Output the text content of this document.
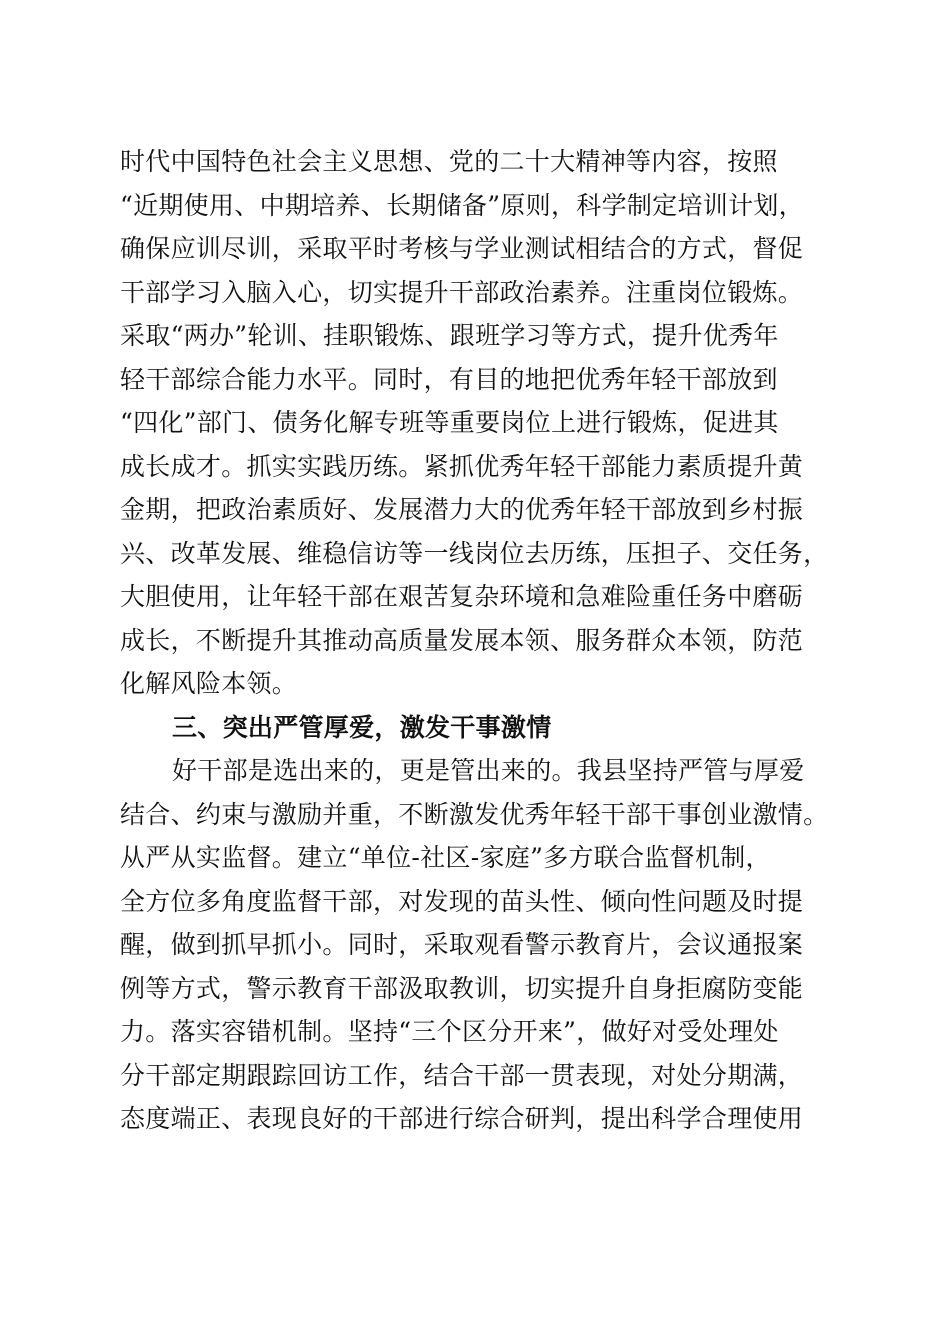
时代中国特色社会主义思想、党的二十大精神等内容，按照
“近期使用、中期培养、长期储备”原则，科学制定培训计划，
确保应训尽训，采取平时考核与学业测试相结合的方式，督促
干部学习入脑入心，切实提升干部政治素养。注重岗位锻炼。
采取“两办”轮训、挂职锻炼、跟班学习等方式，提升优秀年
轻干部综合能力水平。同时，有目的地把优秀年轻干部放到
“四化”部门、债务化解专班等重要岗位上进行锻炼，促进其
成长成才。抓实实践历练。紧抓优秀年轻干部能力素质提升黄
金期，把政治素质好、发展潜力大的优秀年轻干部放到乡村振
兴、改革发展、维稳信访等一线岗位去历练，压担子、交任务，
大胆使用，让年轻干部在艰苦复杂环境和急难险重任务中磨砺
成长，不断提升其推动高质量发展本领、服务群众本领，防范
化解风险本领。
三、突出严管厚爱，激发干事激情
好干部是选出来的，更是管出来的。我县坚持严管与厚爱
结合、约束与激励并重，不断激发优秀年轻干部干事创业激情。
从严从实监督。建立“单位-社区-家庭”多方联合监督机制，
全方位多角度监督干部，对发现的苗头性、倾向性问题及时提
醒，做到抓早抓小。同时，采取观看警示教育片，会议通报案
例等方式，警示教育干部汲取教训，切实提升自身拒腐防变能
力。落实容错机制。坚持“三个区分开来”，做好对受处理处
分干部定期跟踪回访工作，结合干部一贯表现，对处分期满，
态度端正、表现良好的干部进行综合研判，提出科学合理使用
